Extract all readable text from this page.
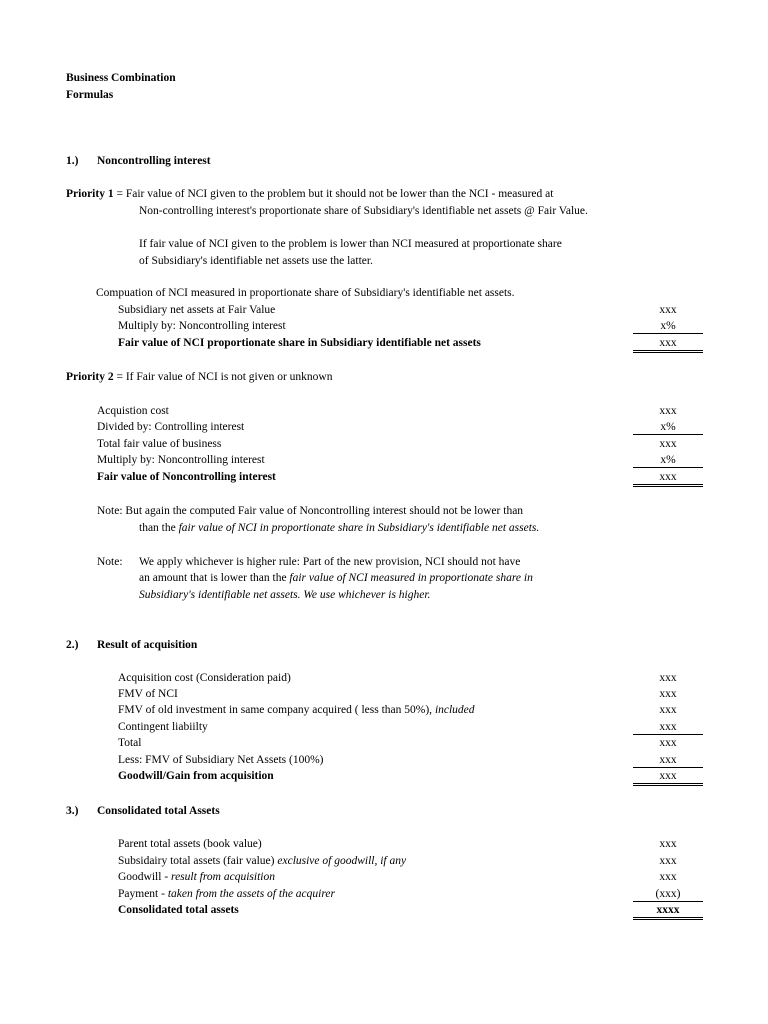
Business Combination
Formulas
1.) Noncontrolling interest
Priority 1 = Fair value of NCI given to the problem but it should not be lower than the NCI - measured at
Non-controlling interest's proportionate share of Subsidiary's identifiable net assets @ Fair Value.
If fair value of NCI given to the problem is lower than NCI measured at proportionate share
of Subsidiary's identifiable net assets use the latter.
Compuation of NCI measured in proportionate share of Subsidiary's identifiable net assets.
Subsidiary net assets at Fair Value	xxx
Multiply by: Noncontrolling interest	x%
Fair value of NCI proportionate share in Subsidiary identifiable net assets	xxx
Priority 2 = If Fair value of NCI is not given or unknown
Acquistion cost	xxx
Divided by: Controlling interest	x%
Total fair value of business	xxx
Multiply by: Noncontrolling interest	x%
Fair value of Noncontrolling interest	xxx
Note: But again the computed Fair value of Noncontrolling interest should not be lower than
than the fair value of NCI in proportionate share in Subsidiary's identifiable net assets.
Note: We apply whichever is higher rule: Part of the new provision, NCI should not have
an amount that is lower than the fair value of NCI measured in proportionate share in
Subsidiary's identifiable net assets. We use whichever is higher.
2.) Result of acquisition
Acquisition cost (Consideration paid)	xxx
FMV of NCI	xxx
FMV of old investment in same company acquired ( less than 50%), included	xxx
Contingent liabiilty	xxx
Total	xxx
Less: FMV of Subsidiary Net Assets (100%)	xxx
Goodwill/Gain from acquisition	xxx
3.) Consolidated total Assets
Parent total assets (book value)	xxx
Subsidairy total assets (fair value) exclusive of goodwill, if any	xxx
Goodwill - result from acquisition	xxx
Payment - taken from the assets of the acquirer	(xxx)
Consolidated total assets	xxxx
